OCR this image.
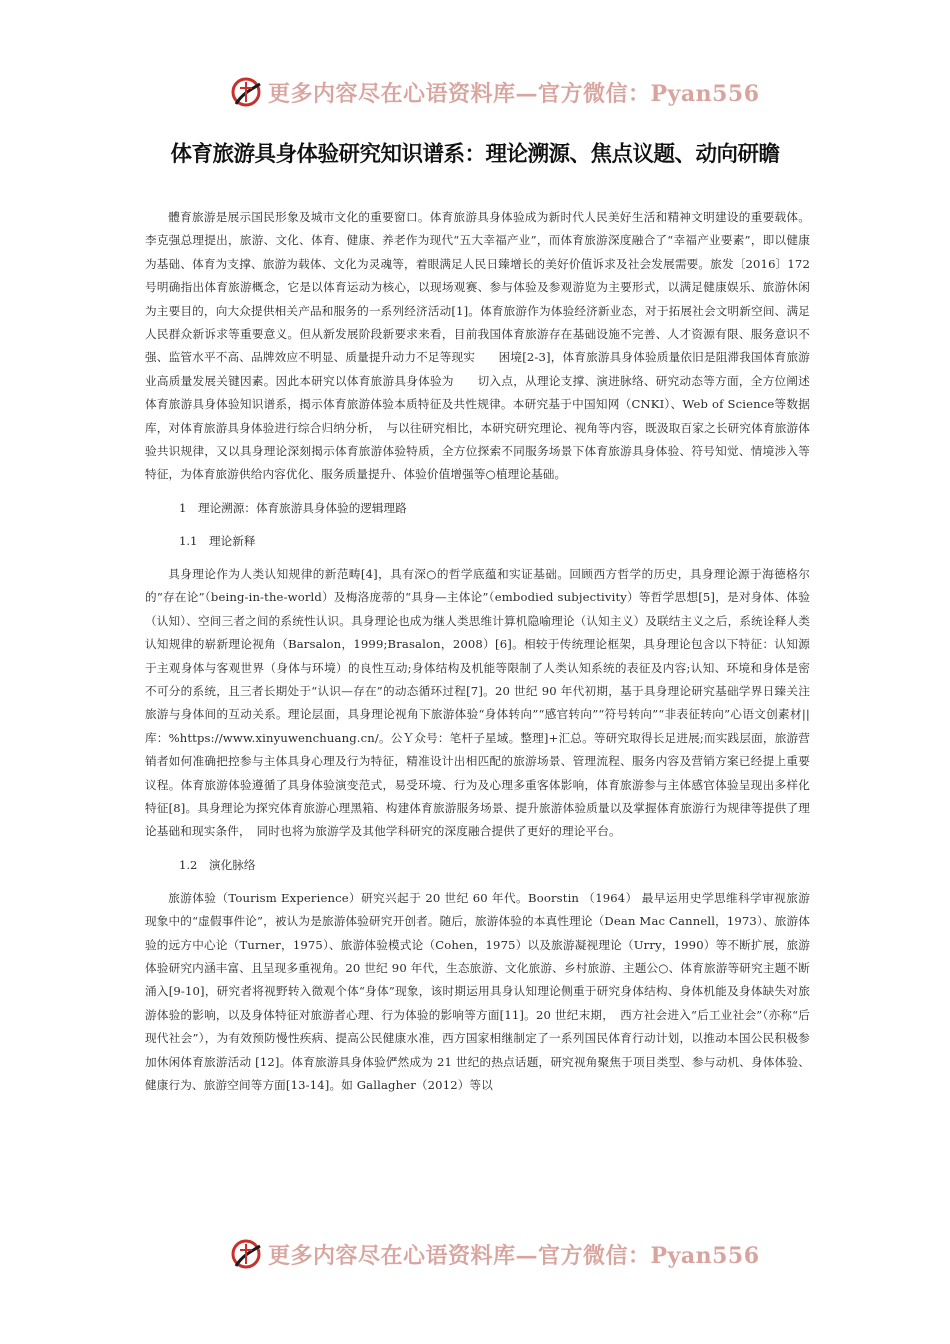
更多内容尽在心语资料库—官方微信：Pyan556
体育旅游具身体验研究知识谱系：理论溯源、焦点议题、动向研瞻

體育旅游是展示国民形象及城市文化的重要窗口。体育旅游具身体验成为新时代人民美好生活和精神文明建设的重要载体。李克强总理提出，旅游、文化、体育、健康、养老作为现代“五大幸福产业”，而体育旅游深度融合了“幸福产业要素”，即以健康为基础、体育为支撑、旅游为载体、文化为灵魂等，着眼满足人民日臻增长的美好价值诉求及社会发展需要。旅发〔2016〕172号明确指出体育旅游概念，它是以体育运动为核心，以现场观赛、参与体验及参观游览为主要形式，以满足健康娱乐、旅游休闲为主要目的，向大众提供相关产品和服务的一系列经济活动[1]。体育旅游作为体验经济新业态，对于拓展社会文明新空间、满足人民群众新诉求等重要意义。但从新发展阶段新要求来看，目前我国体育旅游存在基础设施不完善、人才资源有限、服务意识不强、监管水平不高、品牌效应不明显、质量提升动力不足等现实　　困境[2-3]，体育旅游具身体验质量依旧是阻滞我国体育旅游业高质量发展关键因素。因此本研究以体育旅游具身体验为　　切入点，从理论支撑、演进脉络、研究动态等方面，全方位阐述体育旅游具身体验知识谱系，揭示体育旅游体验本质特征及共性规律。本研究基于中国知网（CNKI）、Web of Science等数据库，对体育旅游具身体验进行综合归纳分析，　与以往研究相比，本研究研究理论、视角等内容，既汲取百家之长研究体育旅游体验共识规律，又以具身理论深刻揭示体育旅游体验特质，全方位探索不同服务场景下体育旅游具身体验、符号知觉、情境涉入等特征，为体育旅游供给内容优化、服务质量提升、体验价值增强等○植理论基础。

1　理论溯源：体育旅游具身体验的逻辑理路
1.1　理论新释

具身理论作为人类认知规律的新范畴[4]，具有深○的哲学底蕴和实证基础。回顾西方哲学的历史，具身理论源于海德格尔的“存在论”（being-in-the-world）及梅洛庞蒂的“具身—主体论”（embodied subjectivity）等哲学思想[5]，是对身体、体验（认知）、空间三者之间的系统性认识。具身理论也成为继人类思维计算机隐喻理论（认知主义）及联结主义之后，系统诠释人类认知规律的崭新理论视角（Barsalon，1999;Brasalon，2008）[6]。相较于传统理论框架，具身理论包含以下特征：认知源于主观身体与客观世界（身体与环境）的良性互动;身体结构及机能等限制了人类认知系统的表征及内容;认知、环境和身体是密不可分的系统，且三者长期处于“认识—存在”的动态循环过程[7]。20 世纪 90 年代初期，基于具身理论研究基础学界日臻关注旅游与身体间的互动关系。理论层面，具身理论视角下旅游体验“身体转向”“感官转向”“符号转向”“非表征转向”心语文创素材||库：%https://www.xinyuwenchuang.cn/。公Ｙ众号：笔杆子星域。整理]+汇总。等研究取得长足进展;而实践层面，旅游营销者如何准确把控参与主体具身心理及行为特征，精准设计出相匹配的旅游场景、管理流程、服务内容及营销方案已经提上重要议程。体育旅游体验遵循了具身体验演变范式，易受环境、行为及心理多重客体影响，体育旅游参与主体感官体验呈现出多样化特征[8]。具身理论为探究体育旅游心理黑箱、构建体育旅游服务场景、提升旅游体验质量以及掌握体育旅游行为规律等提供了理论基础和现实条件，　同时也将为旅游学及其他学科研究的深度融合提供了更好的理论平台。

1.2　演化脉络

旅游体验（Tourism Experience）研究兴起于 20 世纪 60 年代。Boorstin （1964） 最早运用史学思维科学审视旅游现象中的“虚假事件论”，被认为是旅游体验研究开创者。随后，旅游体验的本真性理论（Dean Mac Cannell，1973）、旅游体验的远方中心论（Turner，1975）、旅游体验模式论（Cohen，1975）以及旅游凝视理论（Urry，1990）等不断扩展，旅游体验研究内涵丰富、且呈现多重视角。20 世纪 90 年代，生态旅游、文化旅游、乡村旅游、主题公○、体育旅游等研究主题不断涌入[9-10]，研究者将视野转入微观个体“身体”现象，该时期运用具身认知理论侧重于研究身体结构、身体机能及身体缺失对旅游体验的影响，以及身体特征对旅游者心理、行为体验的影响等方面[11]。20 世纪末期，　西方社会进入“后工业社会”（亦称“后现代社会”），为有效预防慢性疾病、提高公民健康水准，西方国家相继制定了一系列国民体育行动计划，以推动本国公民积极参加休闲体育旅游活动 [12]。体育旅游具身体验俨然成为 21 世纪的热点话题，研究视角聚焦于项目类型、参与动机、身体体验、健康行为、旅游空间等方面[13-14]。如 Gallagher（2012）等以

更多内容尽在心语资料库—官方微信：Pyan556
